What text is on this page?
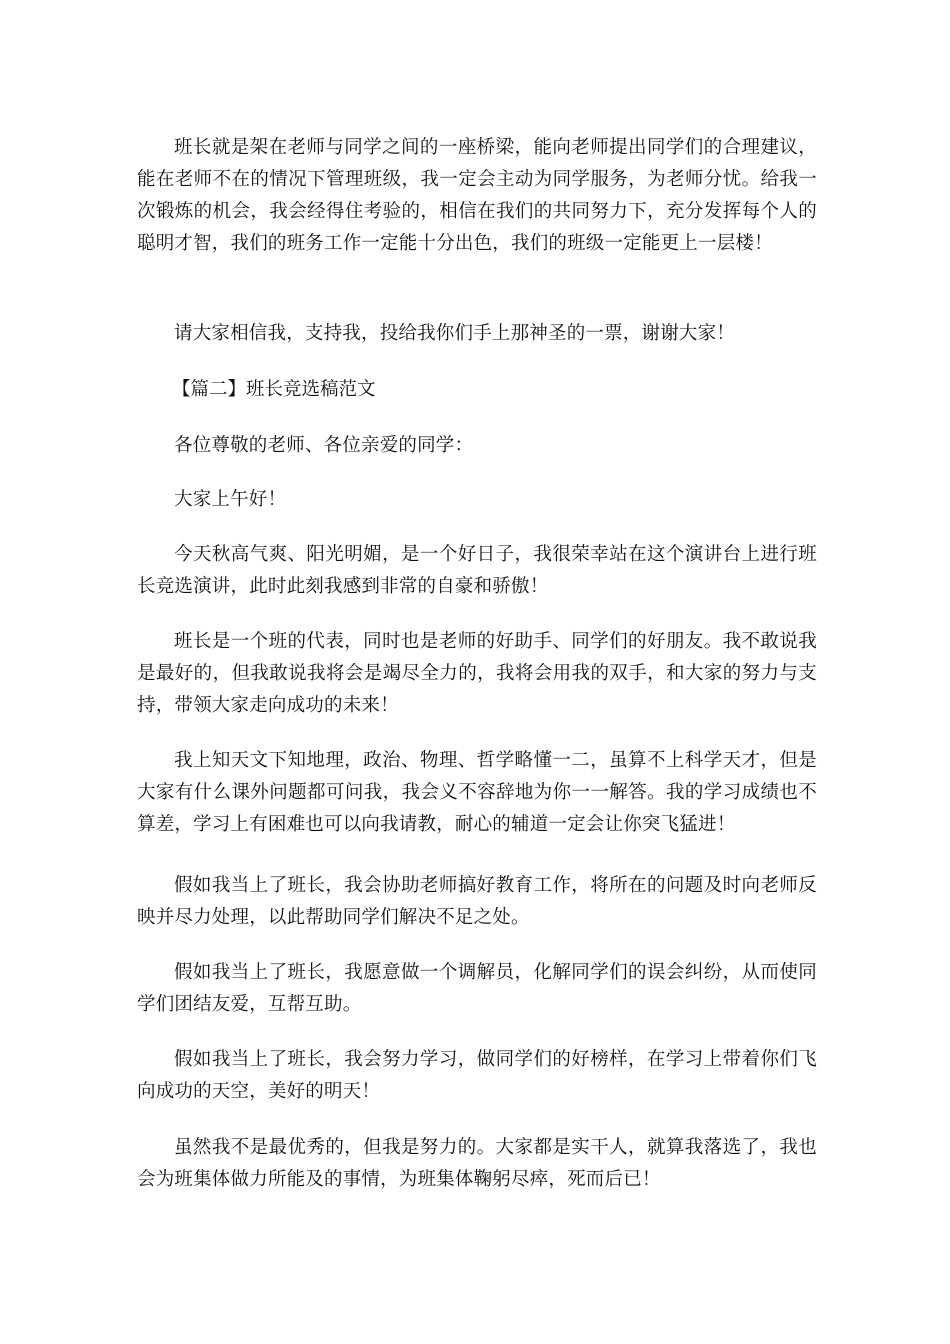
班长就是架在老师与同学之间的一座桥梁，能向老师提出同学们的合理建议，能在老师不在的情况下管理班级，我一定会主动为同学服务，为老师分忧。给我一次锻炼的机会，我会经得住考验的，相信在我们的共同努力下，充分发挥每个人的聪明才智，我们的班务工作一定能十分出色，我们的班级一定能更上一层楼！

请大家相信我，支持我，投给我你们手上那神圣的一票，谢谢大家！

【篇二】班长竞选稿范文

各位尊敬的老师、各位亲爱的同学：

大家上午好！

今天秋高气爽、阳光明媚，是一个好日子，我很荣幸站在这个演讲台上进行班长竞选演讲，此时此刻我感到非常的自豪和骄傲！

班长是一个班的代表，同时也是老师的好助手、同学们的好朋友。我不敢说我是最好的，但我敢说我将会是竭尽全力的，我将会用我的双手，和大家的努力与支持，带领大家走向成功的未来！

我上知天文下知地理，政治、物理、哲学略懂一二，虽算不上科学天才，但是大家有什么课外问题都可问我，我会义不容辞地为你一一解答。我的学习成绩也不算差，学习上有困难也可以向我请教，耐心的辅道一定会让你突飞猛进！

假如我当上了班长，我会协助老师搞好教育工作，将所在的问题及时向老师反映并尽力处理，以此帮助同学们解决不足之处。

假如我当上了班长，我愿意做一个调解员，化解同学们的误会纠纷，从而使同学们团结友爱，互帮互助。

假如我当上了班长，我会努力学习，做同学们的好榜样，在学习上带着你们飞向成功的天空，美好的明天！

虽然我不是最优秀的，但我是努力的。大家都是实干人，就算我落选了，我也会为班集体做力所能及的事情，为班集体鞠躬尽瘁，死而后已！
